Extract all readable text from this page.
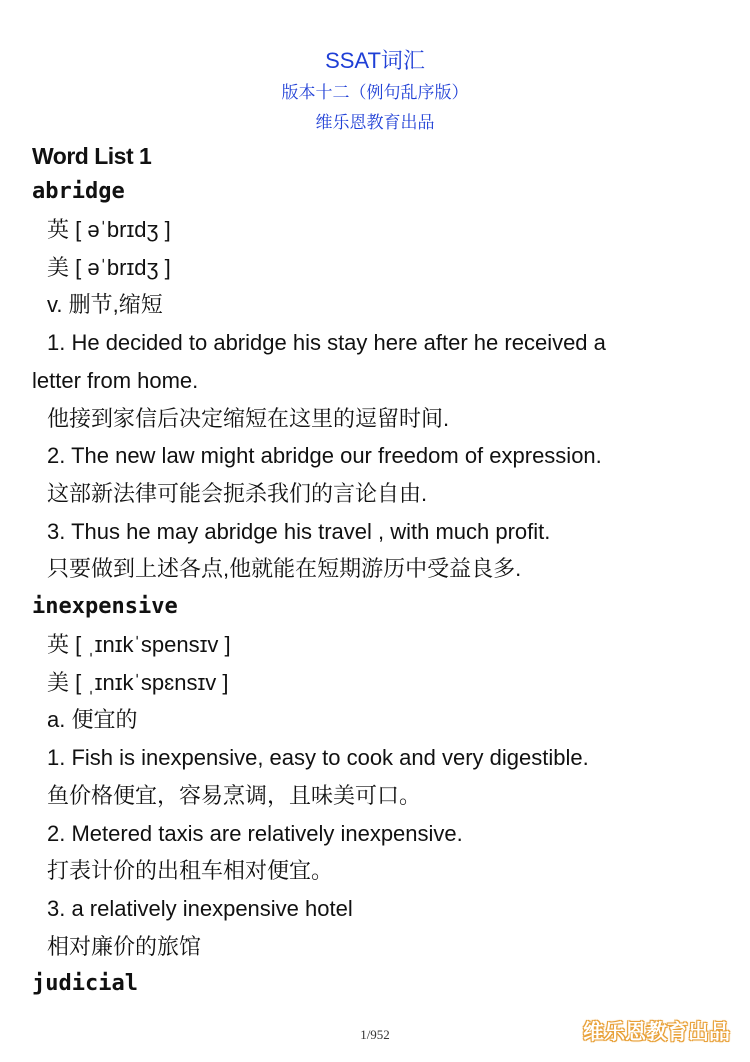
SSAT词汇
版本十二（例句乱序版）
维乐恩教育出品
Word List 1
abridge
英 [ əˈbrɪdʒ ]
美 [ əˈbrɪdʒ ]
v. 删节,缩短
1. He decided to abridge his stay here after he received a
letter from home.
他接到家信后决定缩短在这里的逗留时间.
2. The new law might abridge our freedom of expression.
这部新法律可能会扼杀我们的言论自由.
3. Thus he may abridge his travel , with much profit.
只要做到上述各点,他就能在短期游历中受益良多.
inexpensive
英 [ ˌɪnɪkˈspensɪv ]
美 [ ˌɪnɪkˈspɛnsɪv ]
a. 便宜的
1. Fish is inexpensive, easy to cook and very digestible.
鱼价格便宜，容易烹调，且味美可口。
2. Metered taxis are relatively inexpensive.
打表计价的出租车相对便宜。
3. a relatively inexpensive hotel
相对廉价的旅馆
judicial
1/952	维乐恩教育出品
